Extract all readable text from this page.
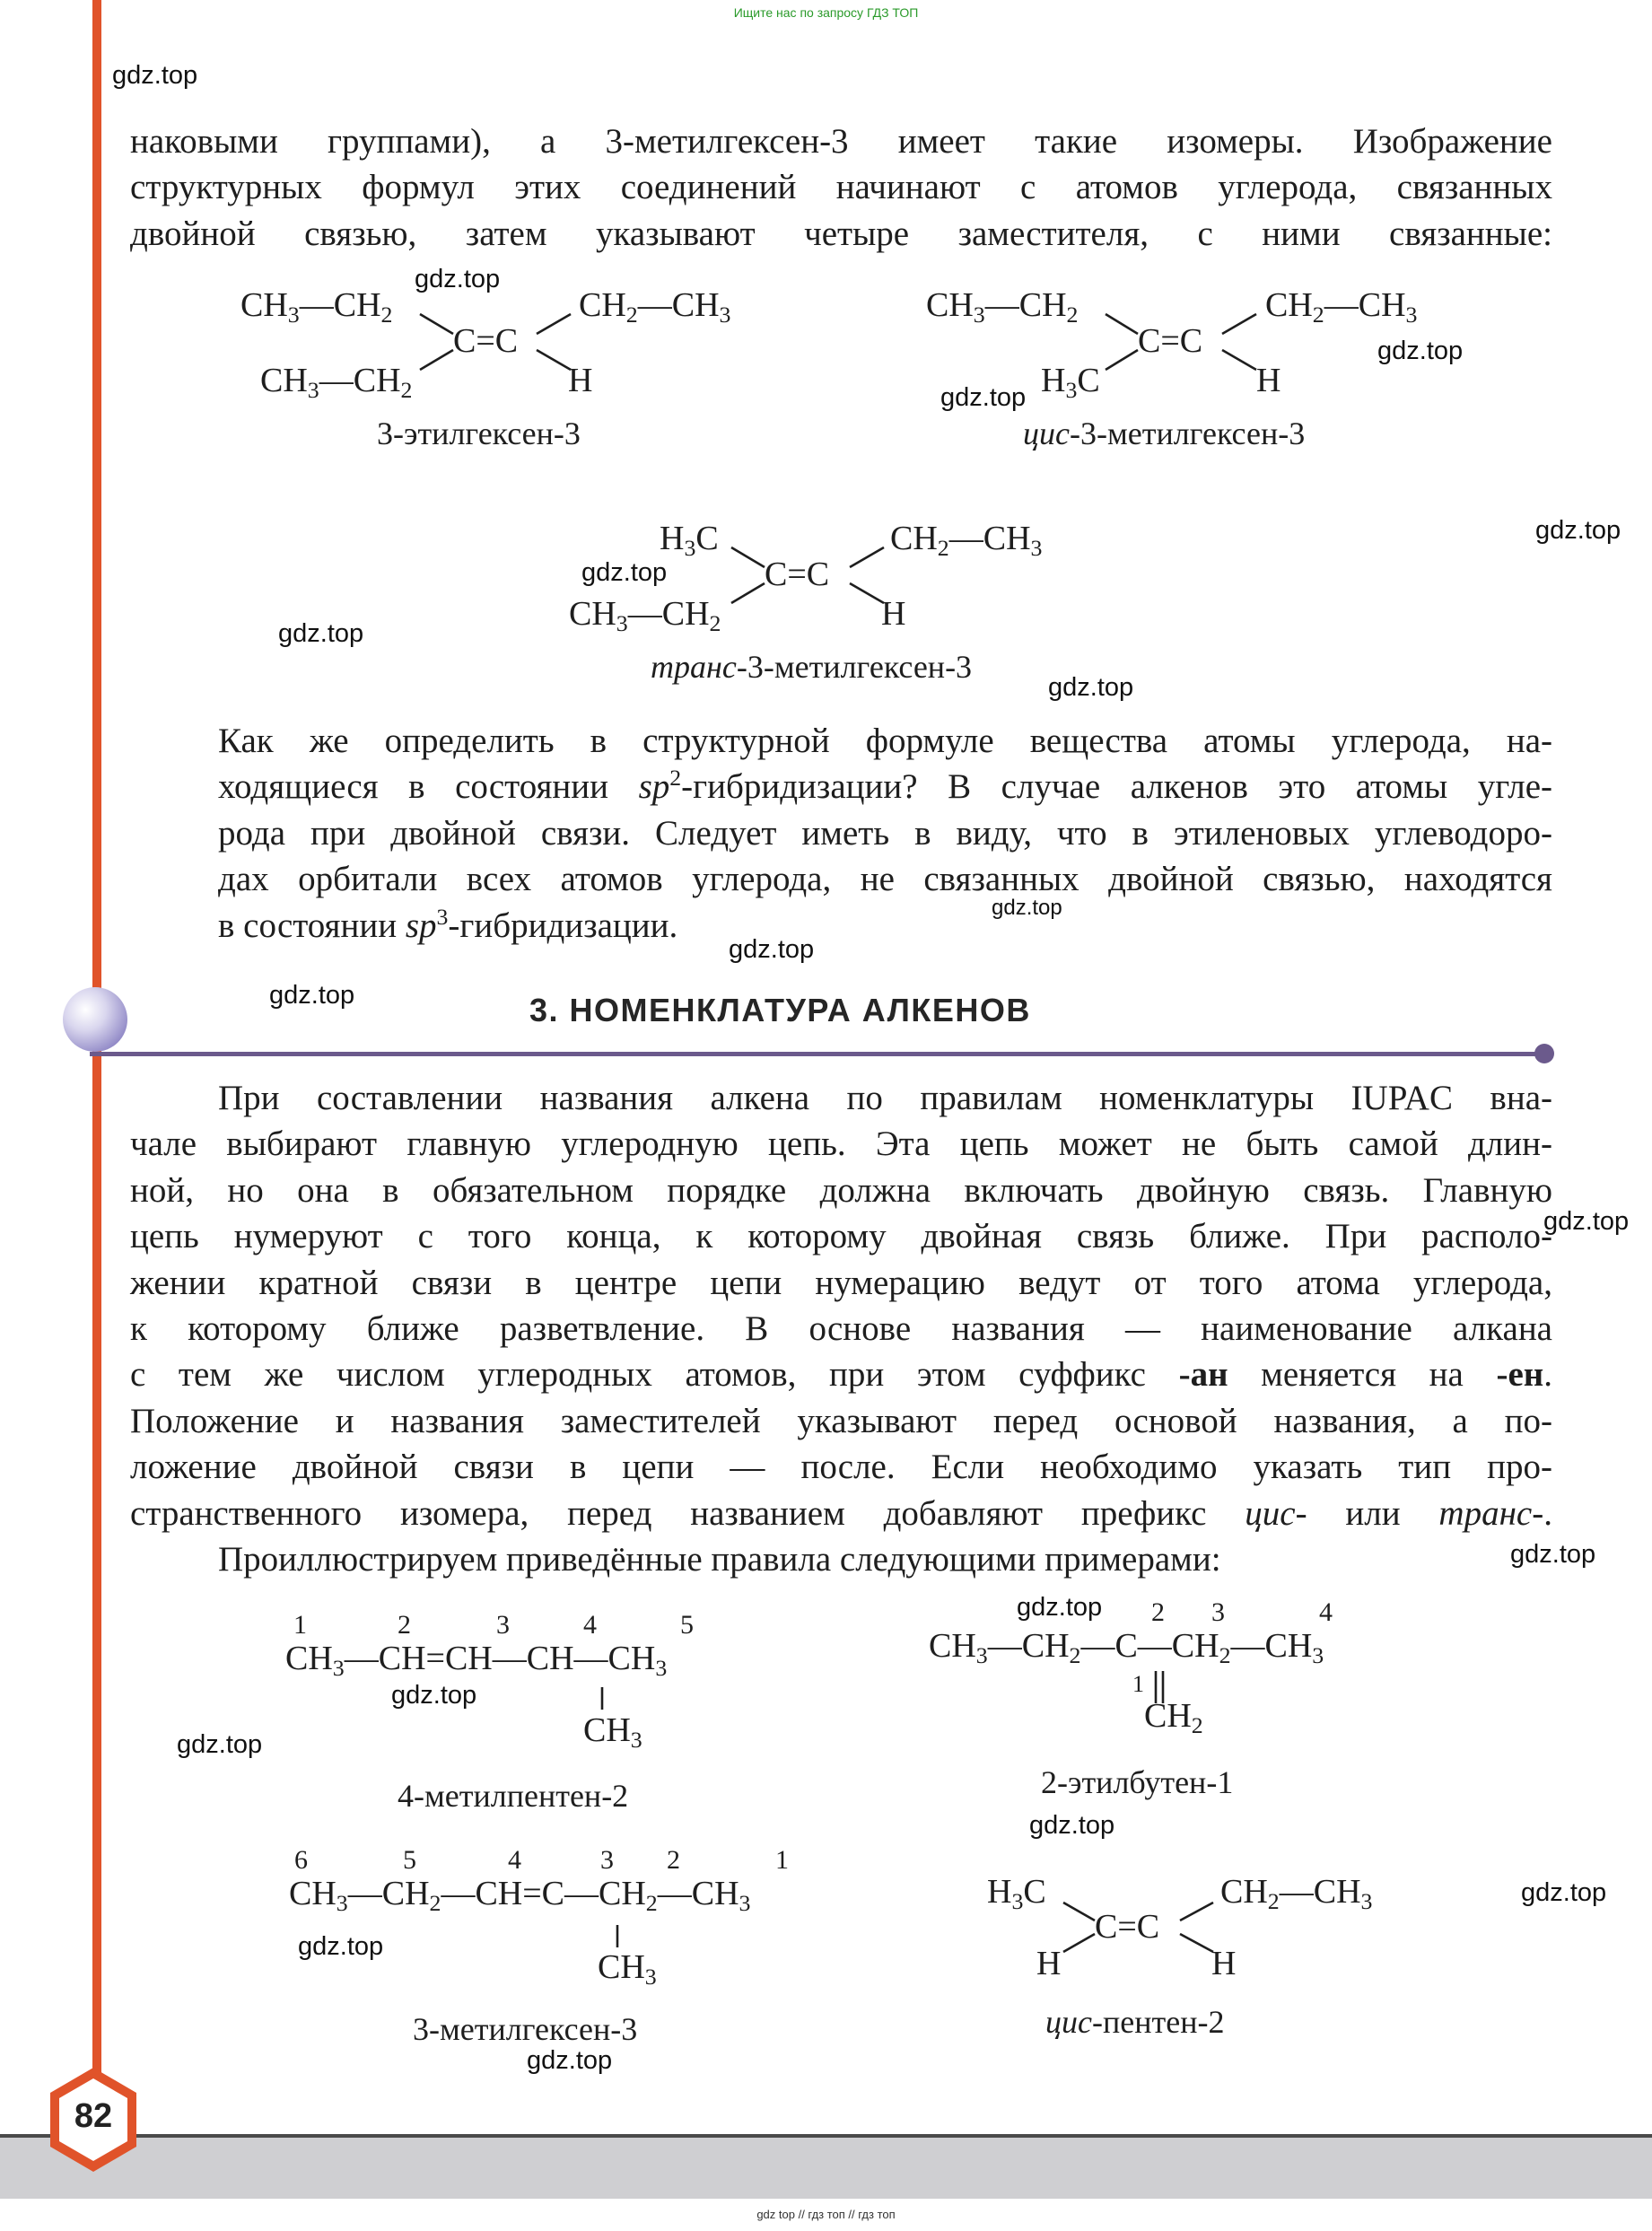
Ищите нас по запросу ГДЗ ТОП

наковыми группами), а 3-метилгексен-3 имеет такие изомеры. Изображение
структурных формул этих соединений начинают с атомов углерода, связанных
двойной связью, затем указывают четыре заместителя, с ними связанные:

$CH_3—CH_2$
$CH_3—CH_2$
C=C
$CH_2—CH_3$
H
3-этилгексен-3
$CH_3—CH_2$
$H_3C$
C=C
$CH_2—CH_3$
H
цис-3-метилгексен-3
$H_3C$
$CH_3—CH_2$
C=C
$CH_2—CH_3$
H
транс-3-метилгексен-3

Как же определить в структурной формуле вещества атомы углерода, на-
ходящиеся в состоянии $sp^2$-гибридизации? В случае алкенов это атомы угле-
рода при двойной связи. Следует иметь в виду, что в этиленовых углеводоро-
дах орбитали всех атомов углерода, не связанных двойной связью, находятся
в состоянии $sp^3$-гибридизации.

3. НОМЕНКЛАТУРА АЛКЕНОВ

При составлении названия алкена по правилам номенклатуры IUPAC вна-
чале выбирают главную углеродную цепь. Эта цепь может не быть самой длин-
ной, но она в обязательном порядке должна включать двойную связь. Главную
цепь нумеруют с того конца, к которому двойная связь ближе. При располо-
жении кратной связи в центре цепи нумерацию ведут от того атома углерода,
к которому ближе разветвление. В основе названия — наименование алкана
с тем же числом углеродных атомов, при этом суффикс -ан меняется на -ен.
Положение и названия заместителей указывают перед основой названия, а по-
ложение двойной связи в цепи — после. Если необходимо указать тип про-
странственного изомера, перед названием добавляют префикс цис- или транс-.
Проиллюстрируем приведённые правила следующими примерами:

1	2	3	4	5
$CH_3—CH=CH—CH—CH_3$
$CH_3$
4-метилпентен-2
2 3	4
$CH_3—CH_2—C—CH_2—CH_3$
1
$CH_2$
2-этилбутен-1
6	5	4	3 2	1
$CH_3—CH_2—CH=C—CH_2—CH_3$
$CH_3$
3-метилгексен-3
$H_3C$
H
C=C
$CH_2—CH_3$
H
цис-пентен-2
82
gdz top // гдз топ // гдз топ
gdz.top
gdz.top
gdz.top
gdz.top
gdz.top
gdz.top
gdz.top
gdz.top
gdz.top
gdz.top
gdz.top
gdz.top
gdz.top
gdz.top
gdz.top
gdz.top
gdz.top
gdz.top
gdz.top
gdz.top
